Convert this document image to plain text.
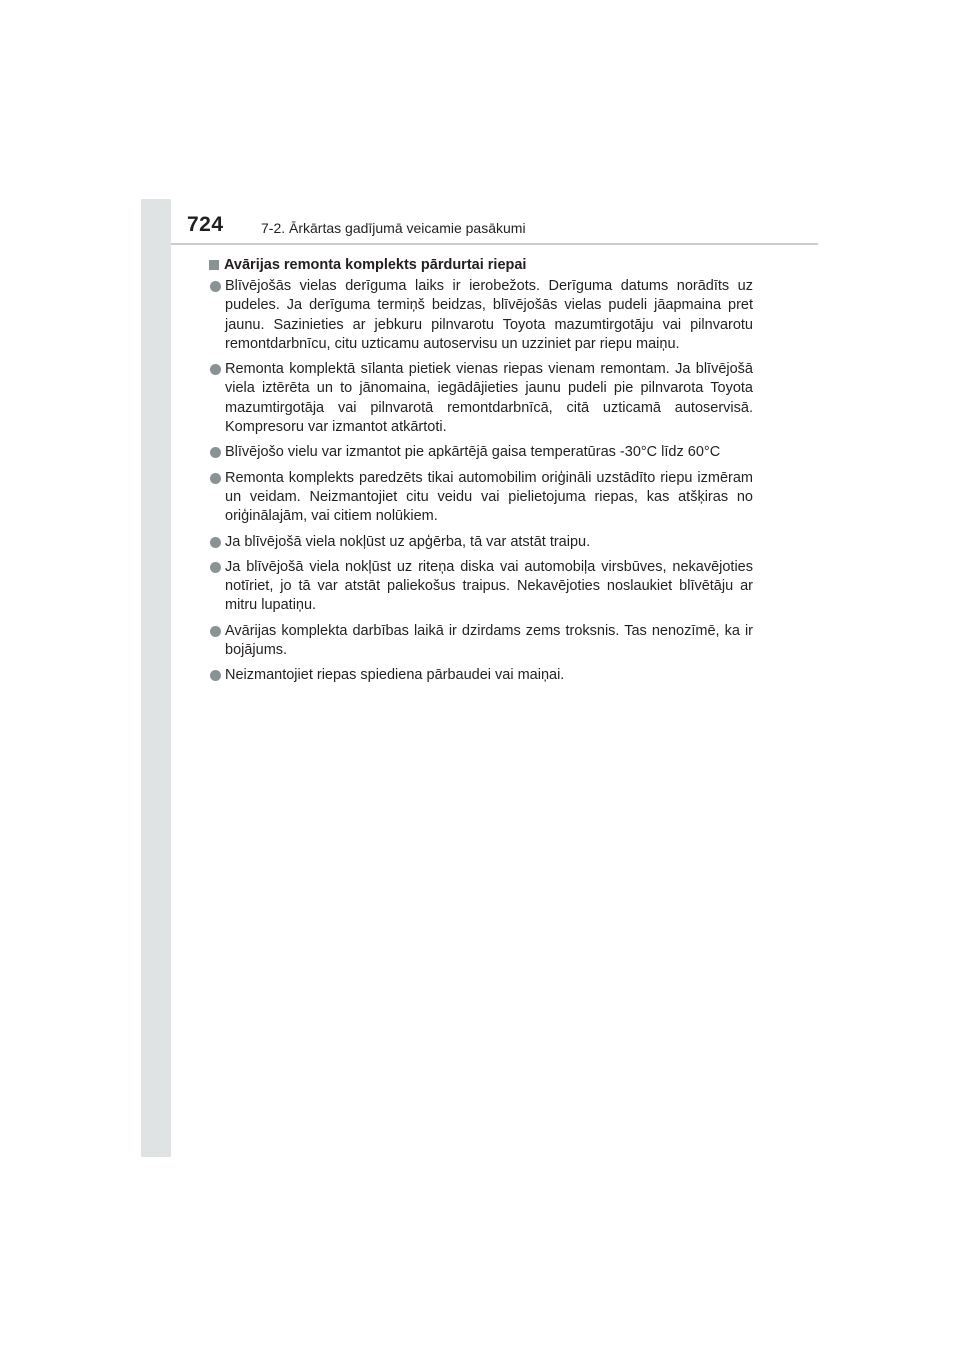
724	7-2. Ārkārtas gadījumā veicamie pasākumi
Avārijas remonta komplekts pārdurtai riepai
Blīvējošās vielas derīguma laiks ir ierobežots. Derīguma datums norādīts uz pudeles. Ja derīguma termiņš beidzas, blīvējošās vielas pudeli jāapmaina pret jaunu. Sazinieties ar jebkuru pilnvarotu Toyota mazumtirgotāju vai pilnvarotu remontdarbnīcu, citu uzticamu autoservisu un uzziniet par riepu maiņu.
Remonta komplektā sīlanta pietiek vienas riepas vienam remontam. Ja blīvējošā viela iztērēta un to jānomaina, iegādājieties jaunu pudeli pie pilnvarota Toyota mazumtirgotāja vai pilnvarotā remontdarbnīcā, citā uzticamā autoservisā. Kompresoru var izmantot atkārtoti.
Blīvējošo vielu var izmantot pie apkārtējā gaisa temperatūras -30°C līdz 60°C
Remonta komplekts paredzēts tikai automobilim oriģināli uzstādīto riepu izmēram un veidam. Neizmantojiet citu veidu vai pielietojuma riepas, kas atšķiras no oriģinālajām, vai citiem nolūkiem.
Ja blīvējošā viela nokļūst uz apģērba, tā var atstāt traipu.
Ja blīvējošā viela nokļūst uz riteņa diska vai automobiļa virsbūves, nekavējoties notīriet, jo tā var atstāt paliekošus traipus. Nekavējoties noslaukiet blīvētāju ar mitru lupatiņu.
Avārijas komplekta darbības laikā ir dzirdams zems troksnis. Tas nenozīmē, ka ir bojājums.
Neizmantojiet riepas spiediena pārbaudei vai maiņai.
